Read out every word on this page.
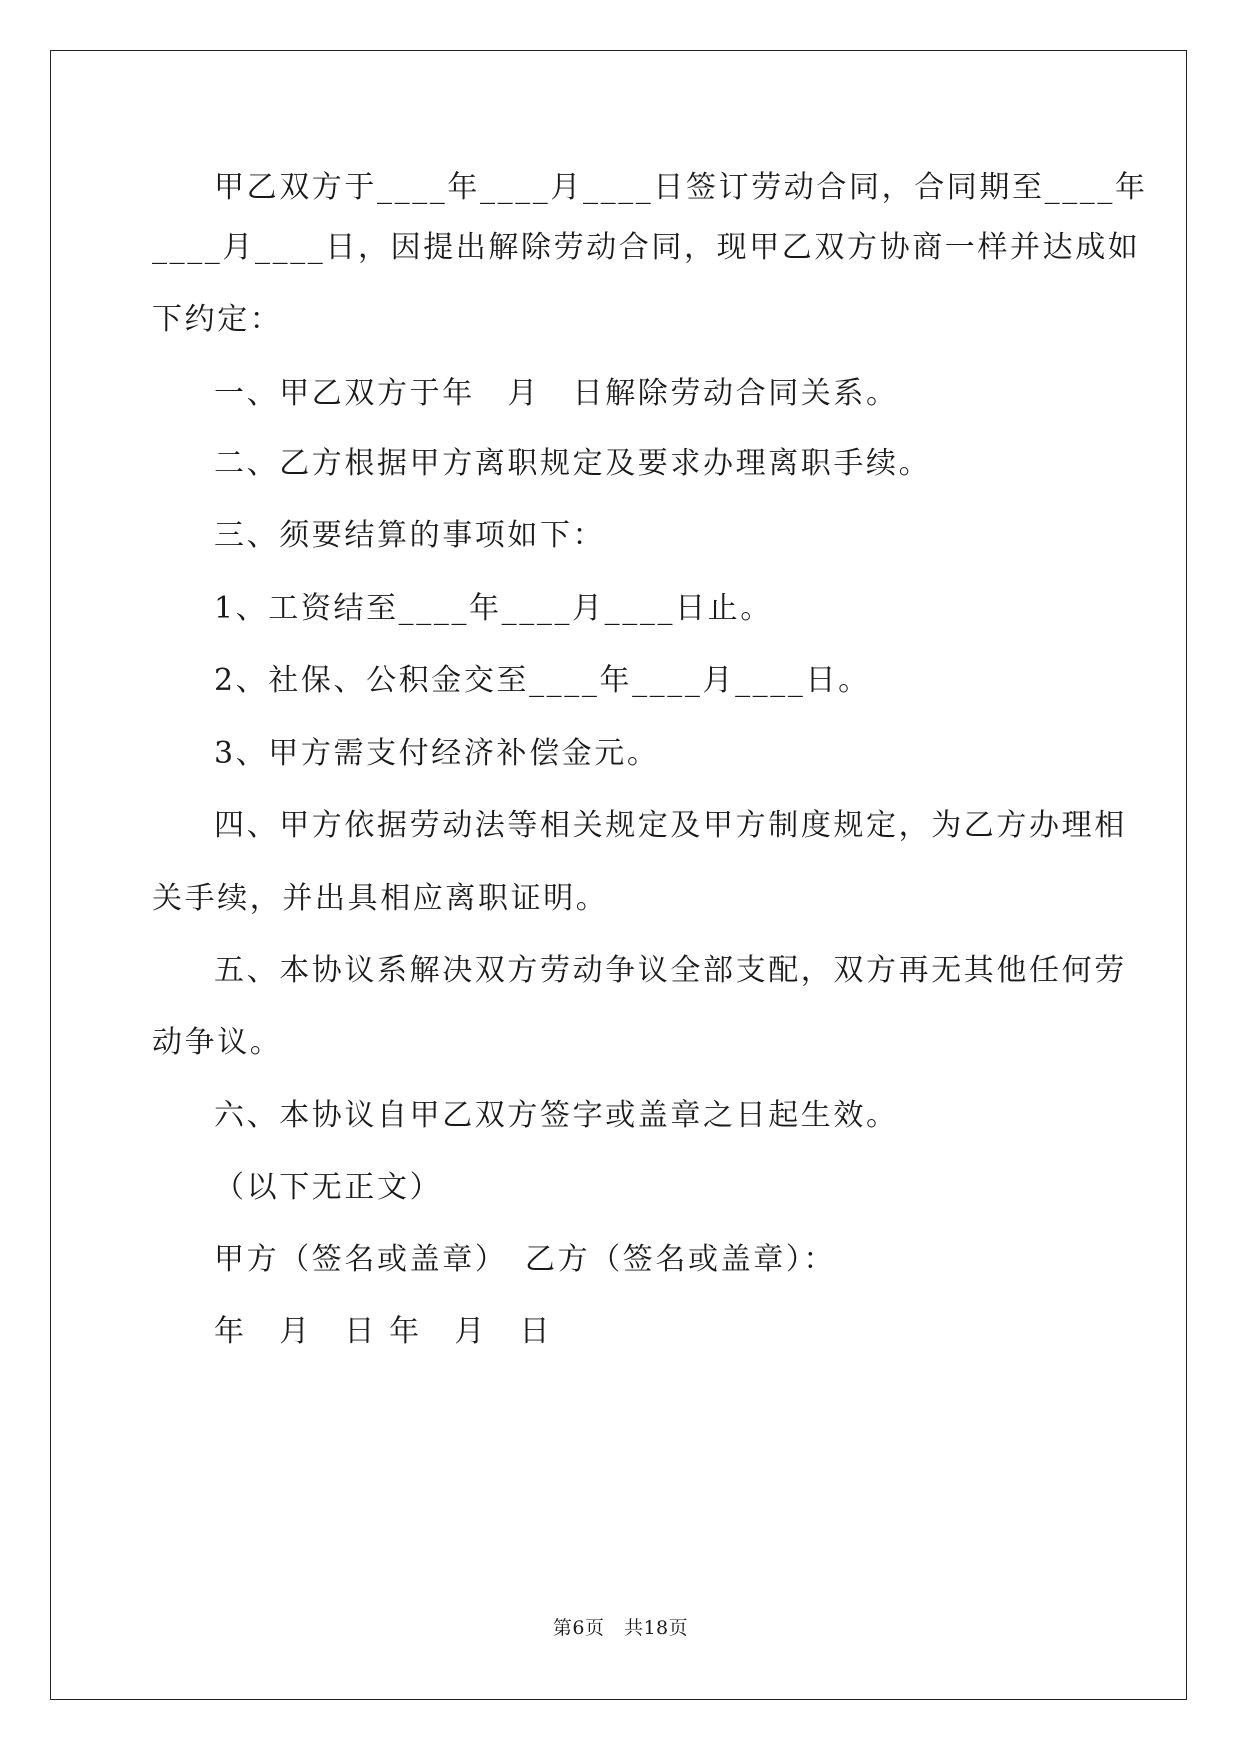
甲乙双方于____年____月____日签订劳动合同，合同期至____年
____月____日，因提出解除劳动合同，现甲乙双方协商一样并达成如
下约定：
一、甲乙双方于年　月　日解除劳动合同关系。
二、乙方根据甲方离职规定及要求办理离职手续。
三、须要结算的事项如下：
1、工资结至____年____月____日止。
2、社保、公积金交至____年____月____日。
3、甲方需支付经济补偿金元。
四、甲方依据劳动法等相关规定及甲方制度规定，为乙方办理相
关手续，并出具相应离职证明。
五、本协议系解决双方劳动争议全部支配，双方再无其他任何劳
动争议。
六、本协议自甲乙双方签字或盖章之日起生效。
（以下无正文）
甲方（签名或盖章）　乙方（签名或盖章）：
年　月　日 年　月　日
第6页　共18页
